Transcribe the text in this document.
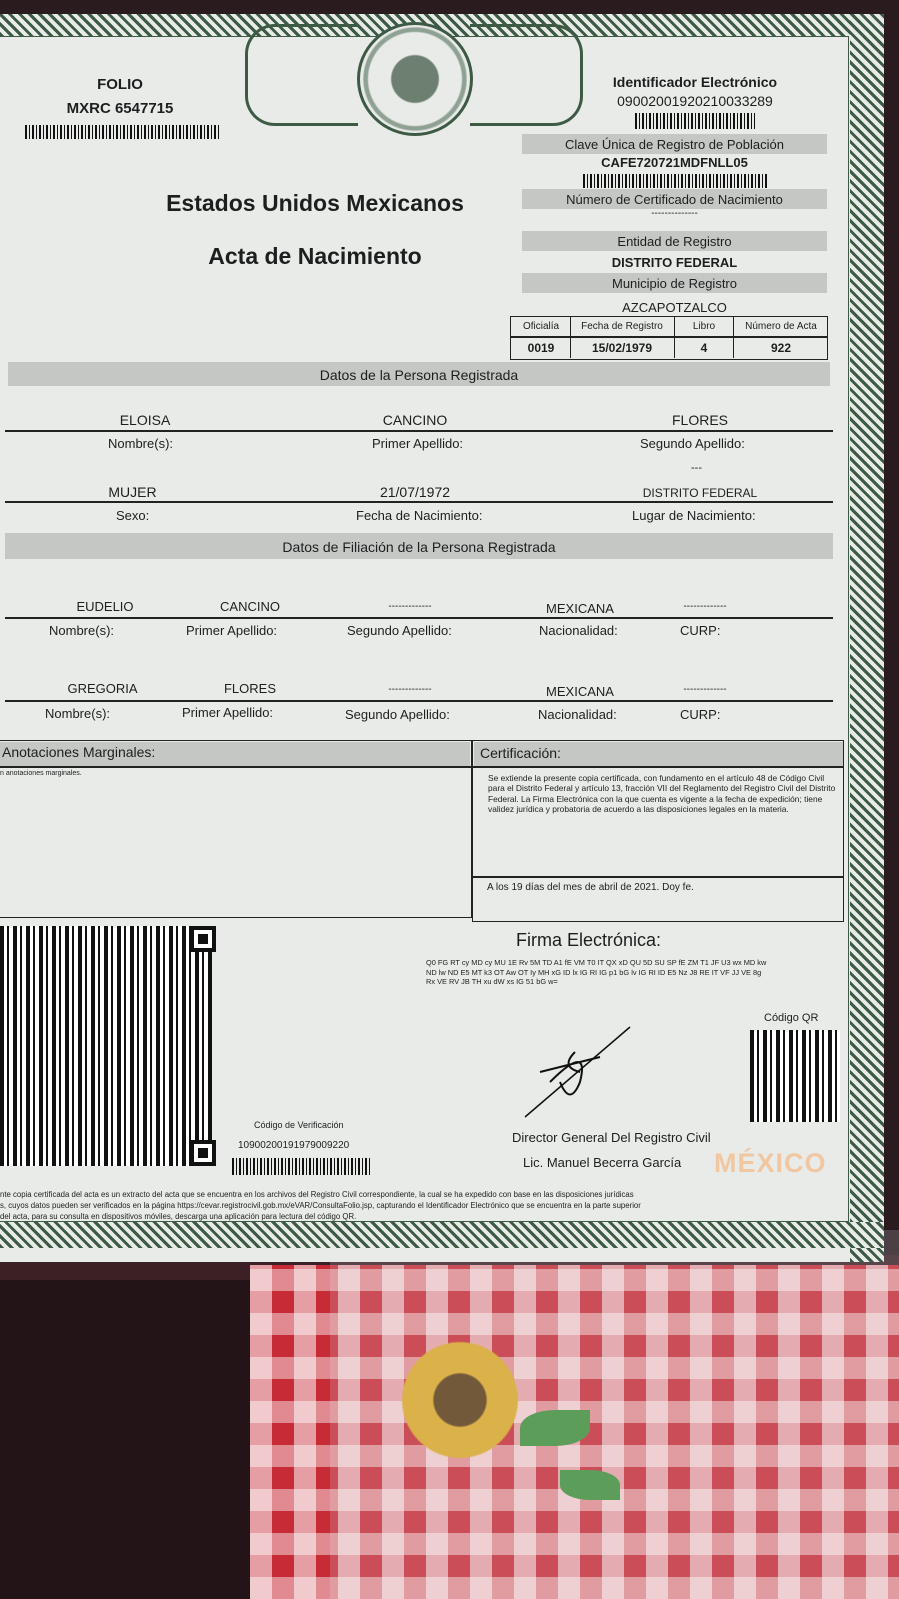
FOLIO
MXRC 6547715
Identificador Electrónico
0900200192021003328​9
Clave Única de Registro de Población
CAFE720721MDFNLL05
Número de Certificado de Nacimiento
--------------
Estados Unidos Mexicanos
Acta de Nacimiento
Entidad de Registro
DISTRITO FEDERAL
Municipio de Registro
AZCAPOTZALCO
Oficialía	Fecha de Registro	Libro	Número de Acta
0019	15/02/1979	4	922
Datos de la Persona Registrada
ELOISA	CANCINO	FLORES
Nombre(s):	Primer Apellido:	Segundo Apellido:
---
MUJER	21/07/1972	DISTRITO FEDERAL
Sexo:	Fecha de Nacimiento:	Lugar de Nacimiento:
Datos de Filiación de la Persona Registrada
EUDELIO	CANCINO	-------------	MEXICANA	-------------
Nombre(s):	Primer Apellido:	Segundo Apellido:	Nacionalidad:	CURP:
GREGORIA	FLORES	-------------	MEXICANA	-------------
Nombre(s):	Primer Apellido:	Segundo Apellido:	Nacionalidad:	CURP:
Anotaciones Marginales:
n anotaciones marginales.
Certificación:
Se extiende la presente copia certificada, con fundamento en el artículo 48 de Código Civil para el Distrito Federal y artículo 13, fracción VII del Reglamento del Registro Civil del Distrito Federal. La Firma Electrónica con la que cuenta es vigente a la fecha de expedición; tiene validez jurídica y probatoria de acuerdo a las disposiciones legales en la materia.
A los 19 días del mes de abril de 2021. Doy fe.
Firma Electrónica:
Q0 FG RT cy MD cy MU 1E Rv 5M TD A1 fE VM T0 IT QX xD QU 5D SU SP fE ZM T1 JF U3 wx MD kw ND lw ND E5 MT k3 OT Aw OT Iy MH xG ID lx IG RI IG p1 bG lv IG RI ID E5 Nz J8 RE IT VF JJ VE 8g Rx VE RV JB TH xu dW xs IG 51 bG w=
Código QR
Código de Verificación
109002001919790092​20
Director General Del Registro Civil
Lic. Manuel Becerra García MÉXICO
nte copia certificada del acta es un extracto del acta que se encuentra en los archivos del Registro Civil correspondiente, la cual se ha expedido con base en las disposiciones jurídicas
s, cuyos datos pueden ser verificados en la página https://cevar.registrocivil.gob.mx/eVAR/ConsultaFolio.jsp, capturando el Identificador Electrónico que se encuentra en la parte superior
del acta, para su consulta en dispositivos móviles, descarga una aplicación para lectura del código QR.
